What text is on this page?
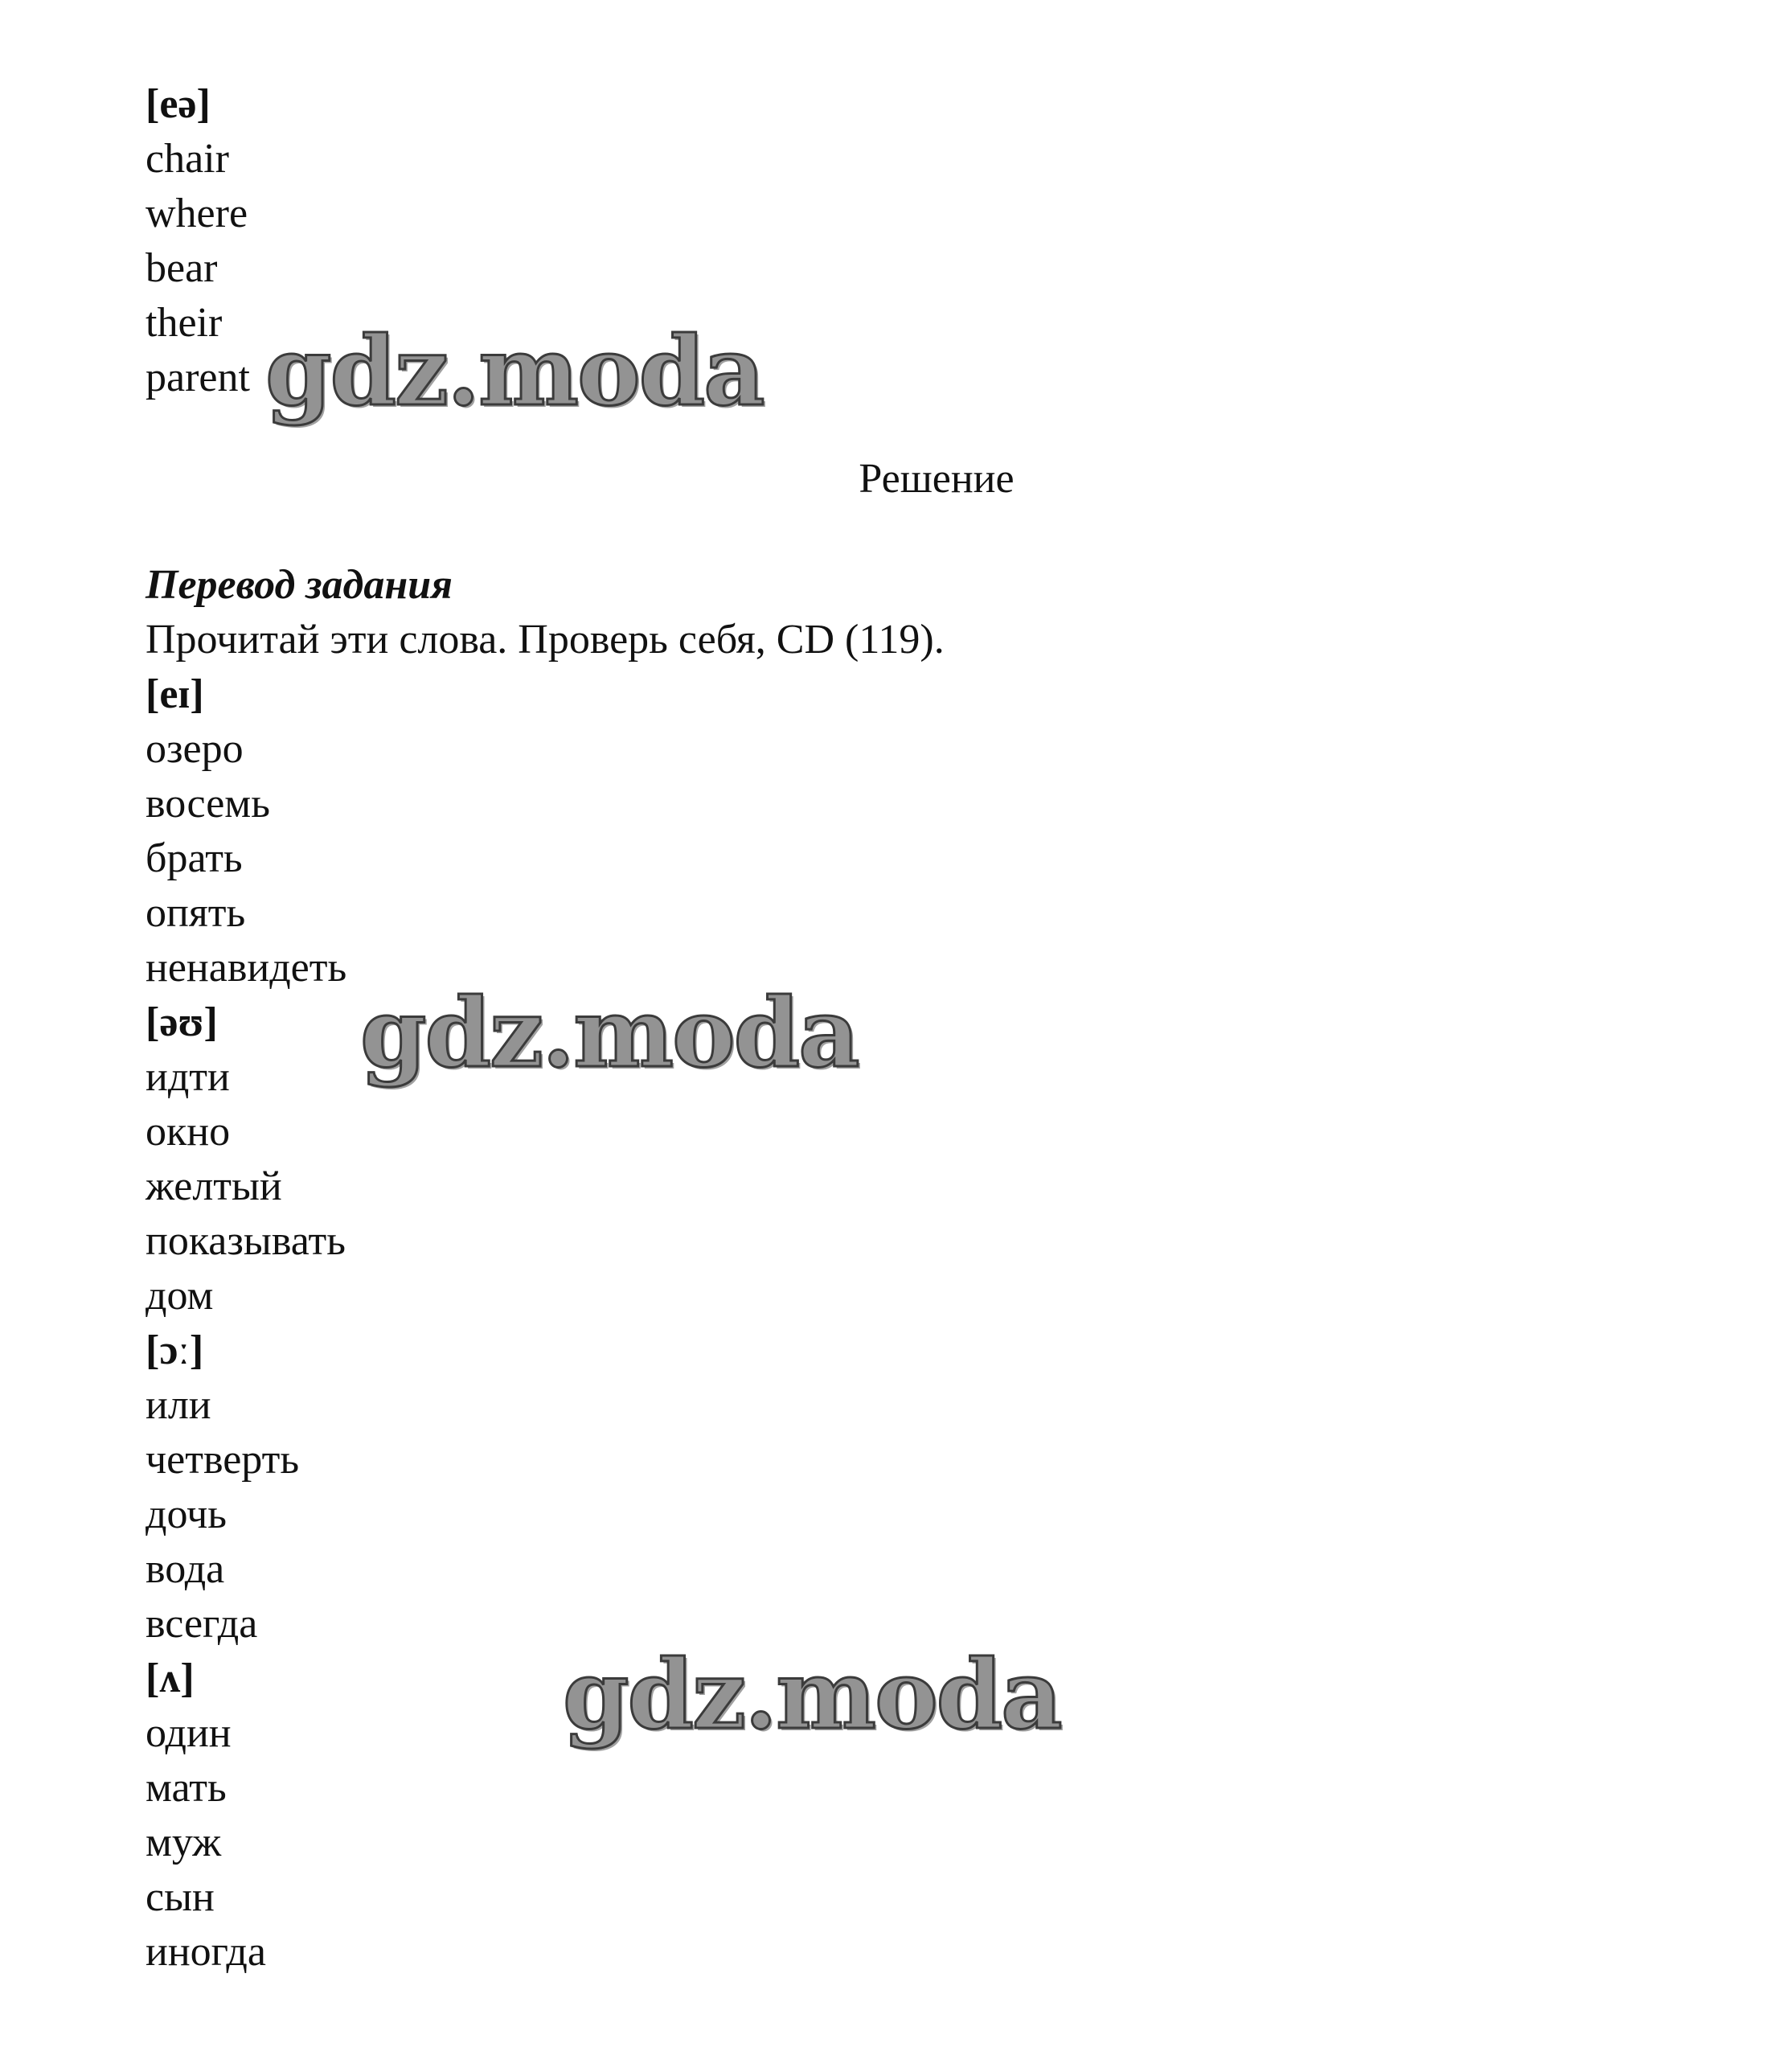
[eə]
chair
where
bear
their
parent
Решение
Перевод задания
Прочитай эти слова. Проверь себя, CD (119).
[eɪ]
озеро
восемь
брать
опять
ненавидеть
[əʊ]
идти
окно
желтый
показывать
дом
[ɔː]
или
четверть
дочь
вода
всегда
[ʌ]
один
мать
муж
сын
иногда
gdz.moda
gdz.moda
gdz.moda
